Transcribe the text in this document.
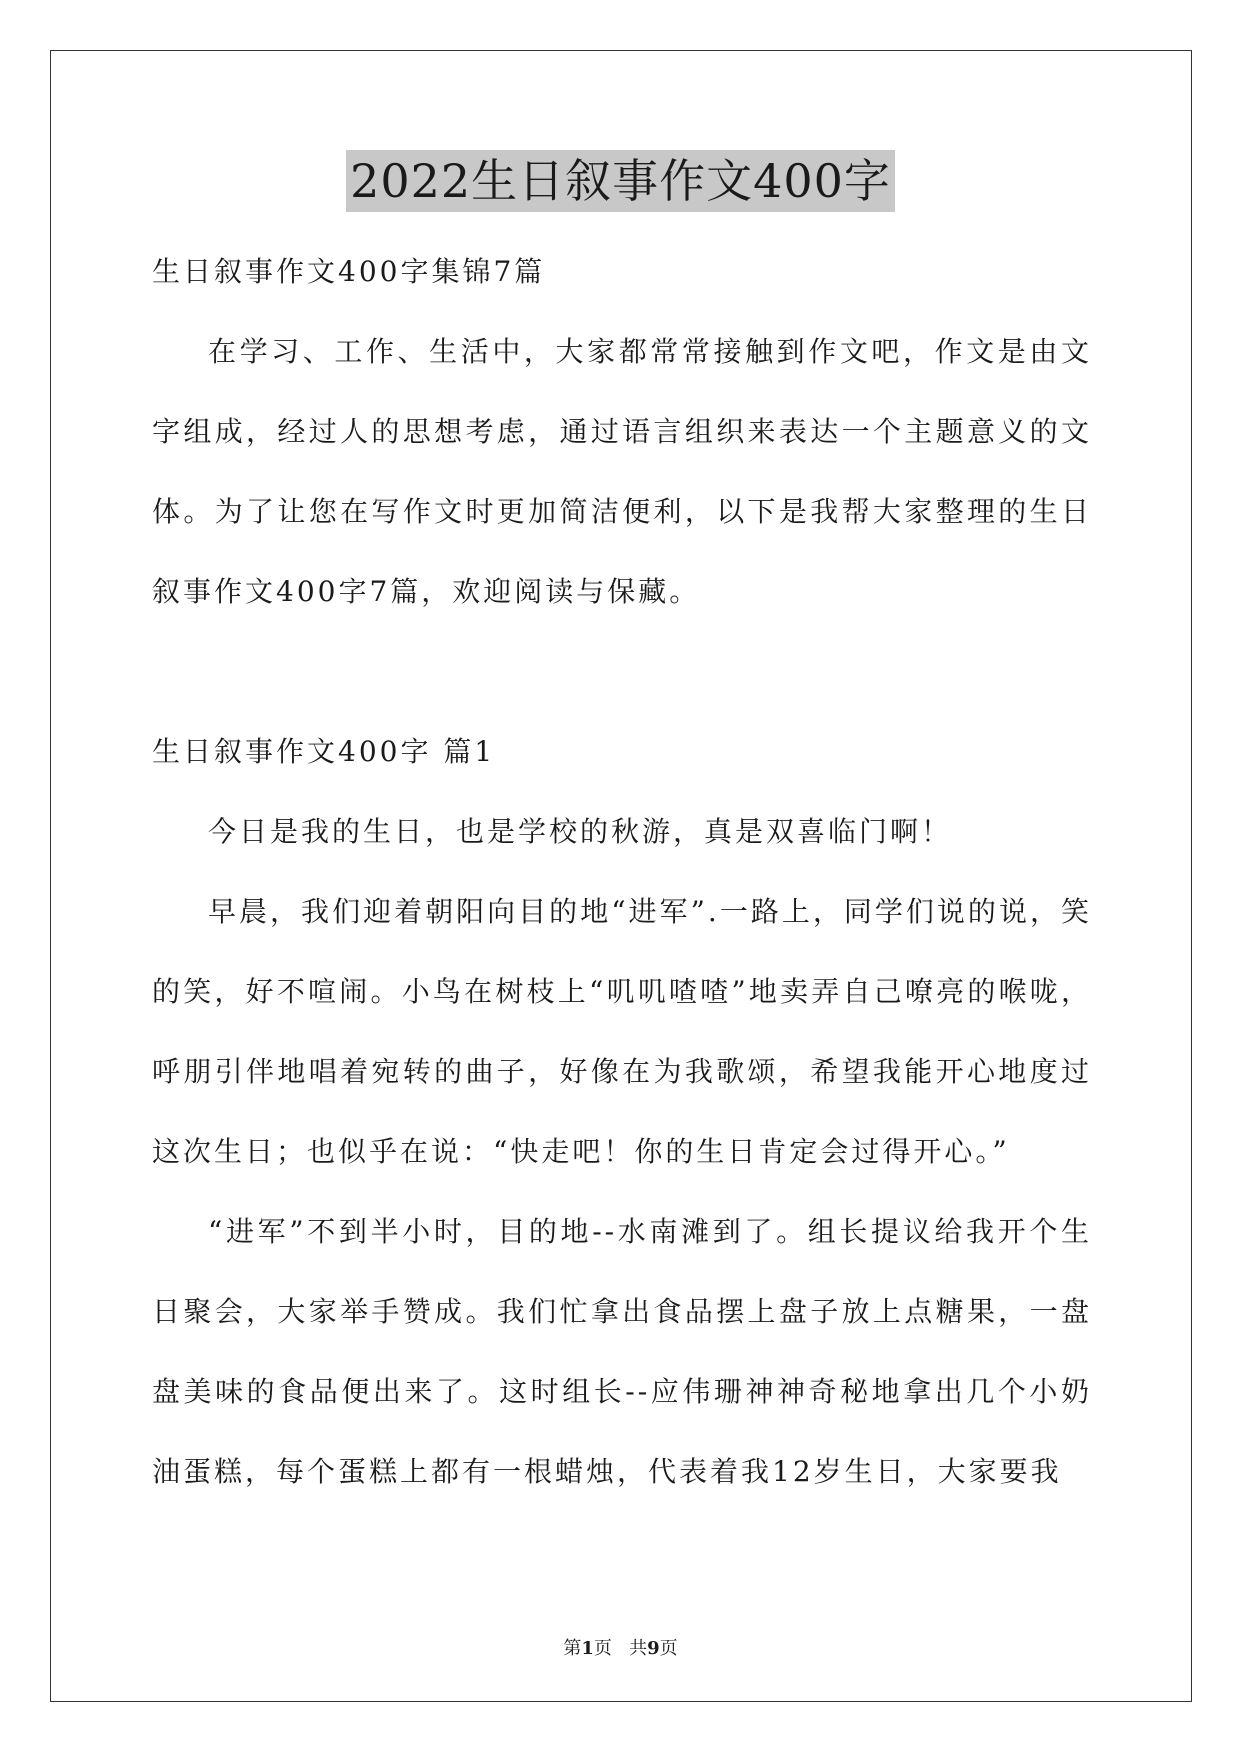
2022生日叙事作文400字

生日叙事作文400字集锦7篇

在学习、工作、生活中，大家都常常接触到作文吧，作文是由文字组成，经过人的思想考虑，通过语言组织来表达一个主题意义的文体。为了让您在写作文时更加简洁便利，以下是我帮大家整理的生日叙事作文400字7篇，欢迎阅读与保藏。

生日叙事作文400字 篇1

今日是我的生日，也是学校的秋游，真是双喜临门啊！

早晨，我们迎着朝阳向目的地“进军”.一路上，同学们说的说，笑的笑，好不喧闹。小鸟在树枝上“叽叽喳喳”地卖弄自己嘹亮的喉咙，呼朋引伴地唱着宛转的曲子，好像在为我歌颂，希望我能开心地度过这次生日；也似乎在说：“快走吧！你的生日肯定会过得开心。”

“进军”不到半小时，目的地--水南滩到了。组长提议给我开个生日聚会，大家举手赞成。我们忙拿出食品摆上盘子放上点糖果，一盘盘美味的食品便出来了。这时组长--应伟珊神神奇秘地拿出几个小奶油蛋糕，每个蛋糕上都有一根蜡烛，代表着我12岁生日，大家要我

第1页   共9页
